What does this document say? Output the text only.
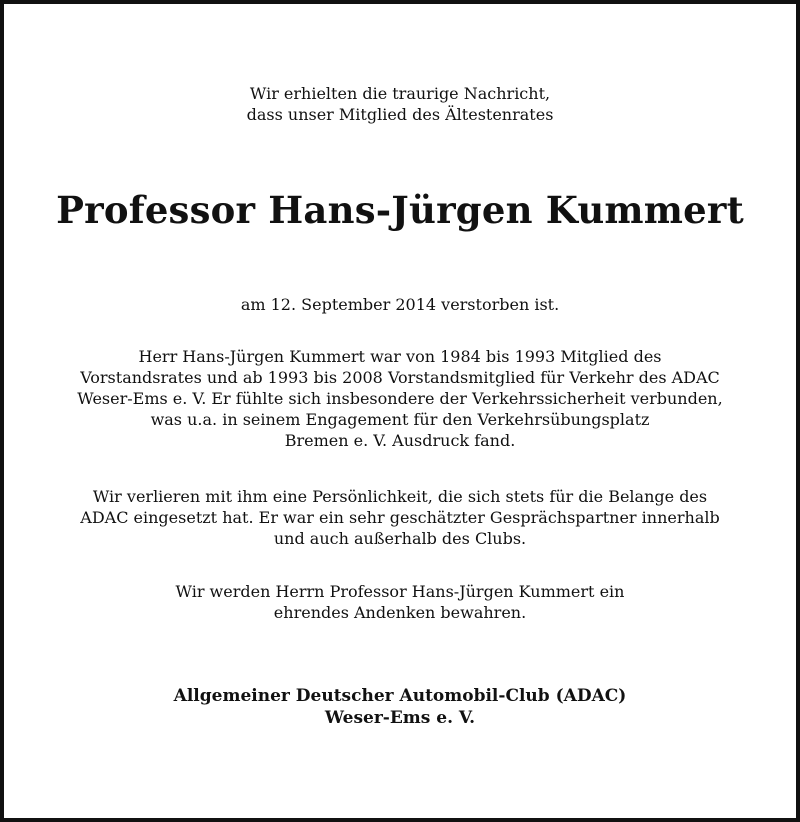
Wir erhielten die traurige Nachricht,
dass unser Mitglied des Ältestenrates
Professor Hans-Jürgen Kummert
am 12. September 2014 verstorben ist.
Herr Hans-Jürgen Kummert war von 1984 bis 1993 Mitglied des
Vorstandsrates und ab 1993 bis 2008 Vorstandsmitglied für Verkehr des ADAC
Weser-Ems e. V. Er fühlte sich insbesondere der Verkehrssicherheit verbunden,
was u.a. in seinem Engagement für den Verkehrsübungsplatz
Bremen e. V. Ausdruck fand.
Wir verlieren mit ihm eine Persönlichkeit, die sich stets für die Belange des
ADAC eingesetzt hat. Er war ein sehr geschätzter Gesprächspartner innerhalb
und auch außerhalb des Clubs.
Wir werden Herrn Professor Hans-Jürgen Kummert ein
ehrendes Andenken bewahren.
Allgemeiner Deutscher Automobil-Club (ADAC)
Weser-Ems e. V.
